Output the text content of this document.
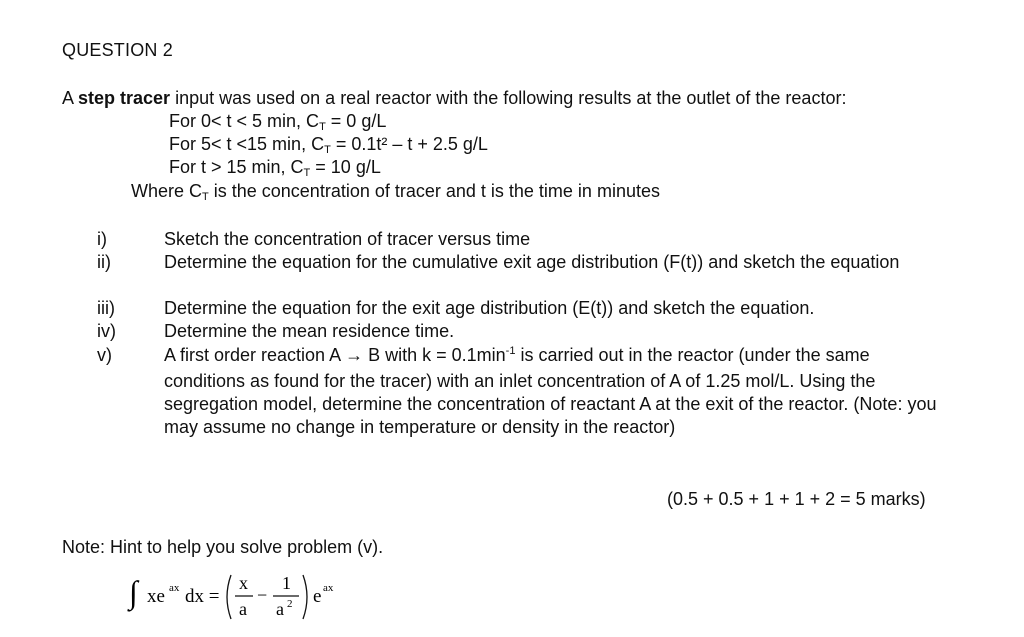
QUESTION 2
A step tracer input was used on a real reactor with the following results at the outlet of the reactor:
For 0< t < 5 min, CT = 0 g/L
For 5< t <15 min, CT = 0.1t² – t + 2.5 g/L
For t > 15 min, CT = 10 g/L
Where CT is the concentration of tracer and t is the time in minutes
i)	Sketch the concentration of tracer versus time
ii)	Determine the equation for the cumulative exit age distribution (F(t)) and sketch the equation
iii)	Determine the equation for the exit age distribution (E(t)) and sketch the equation.
iv)	Determine the mean residence time.
v)	A first order reaction A → B with $k = 0.1\min^{-1}$ is carried out in the reactor (under the same conditions as found for the tracer) with an inlet concentration of A of 1.25 mol/L. Using the segregation model, determine the concentration of reactant A at the exit of the reactor. (Note: you may assume no change in temperature or density in the reactor)
(0.5 + 0.5 + 1 + 1 + 2 = 5 marks)
Note: Hint to help you solve problem (v).
∫ xe ax dx =
x
a
−
1
a 2 e ax
